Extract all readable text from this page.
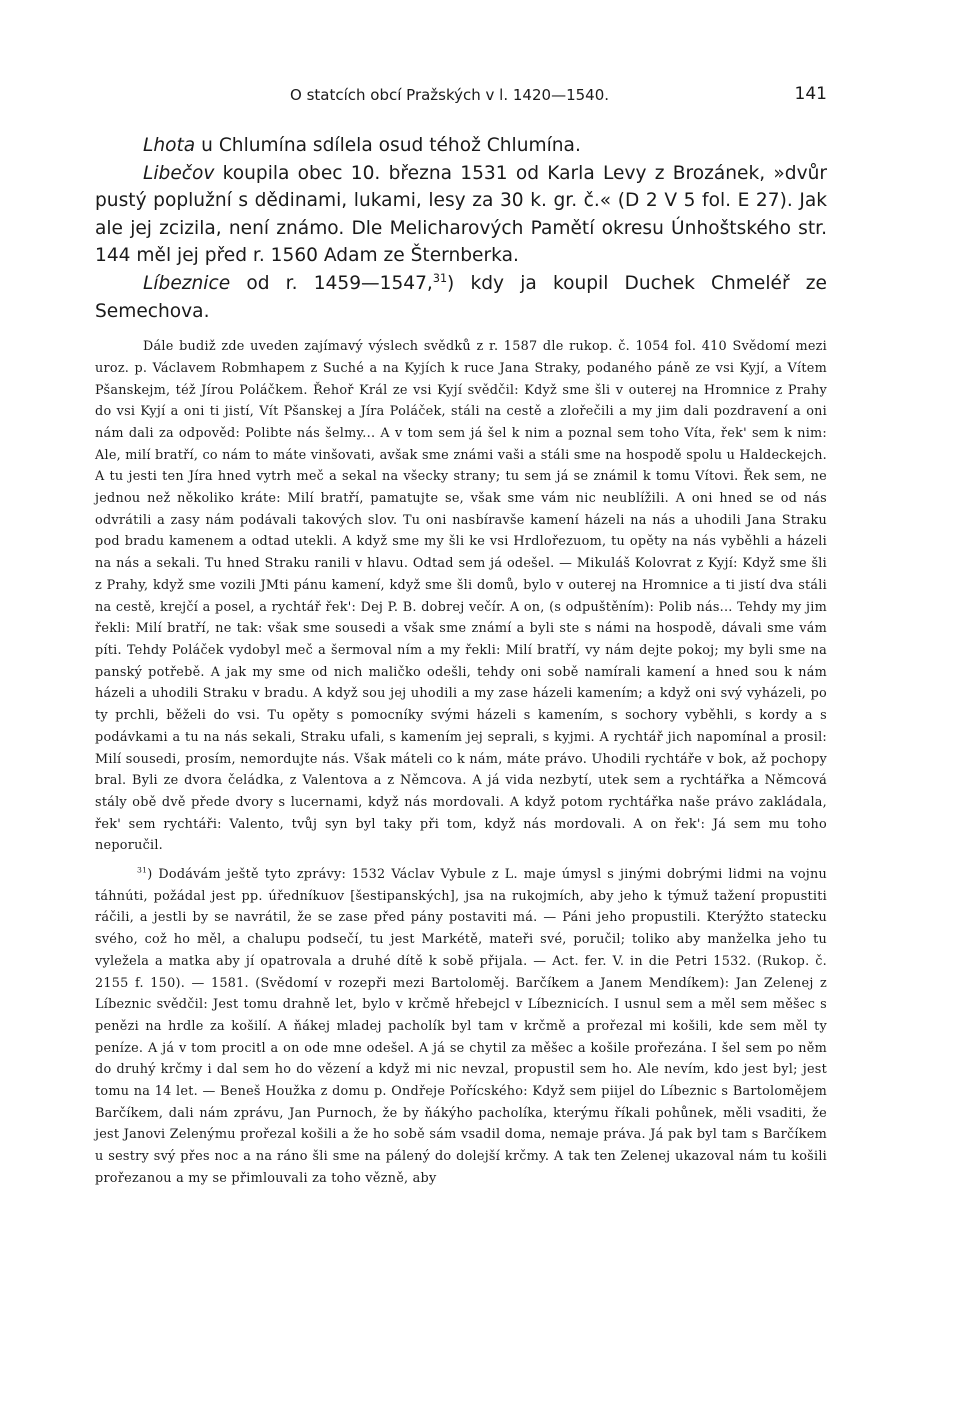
O statcích obcí Pražských v l. 1420—1540.	141

Lhota u Chlumína sdílela osud téhož Chlumína.

Libečov koupila obec 10. března 1531 od Karla Levy z Brozánek, »dvůr pustý poplužní s dědinami, lukami, lesy za 30 k. gr. č.« (D 2 V 5 fol. E 27). Jak ale jej zcizila, není známo. Dle Melicharových Pamětí okresu Únhoštského str. 144 měl jej před r. 1560 Adam ze Šternberka.

Líbeznice od r. 1459—1547,31) kdy ja koupil Duchek Chmeléř ze Semechova.

Dále budiž zde uveden zajímavý výslech svědků z r. 1587 dle rukop. č. 1054 fol. 410 Svědomí mezi uroz. p. Václavem Robmhapem z Suché a na Kyjích k ruce Jana Straky, podaného páně ze vsi Kyjí, a Vítem Pšanskejm, též Jírou Poláčkem. Řehoř Král ze vsi Kyjí svědčil: Když sme šli v outerej na Hromnice z Prahy do vsi Kyjí a oni ti jistí, Vít Pšanskej a Jíra Poláček, stáli na cestě a zlořečili a my jim dali pozdravení a oni nám dali za odpověd: Polibte nás šelmy... A v tom sem já šel k nim a poznal sem toho Víta, řek' sem k nim: Ale, milí bratří, co nám to máte vinšovati, avšak sme známi vaši a stáli sme na hospodě spolu u Haldeckejch. A tu jesti ten Jíra hned vytrh meč a sekal na všecky strany; tu sem já se známil k tomu Vítovi. Řek sem, ne jednou než několiko kráte: Milí bratří, pamatujte se, však sme vám nic neublížili. A oni hned se od nás odvrátili a zasy nám podávali takových slov. Tu oni nasbíravše kamení házeli na nás a uhodili Jana Straku pod bradu kamenem a odtad utekli. A když sme my šli ke vsi Hrdlořezuom, tu opěty na nás vyběhli a házeli na nás a sekali. Tu hned Straku ranili v hlavu. Odtad sem já odešel. — Mikuláš Kolovrat z Kyjí: Když sme šli z Prahy, když sme vozili JMti pánu kamení, když sme šli domů, bylo v outerej na Hromnice a ti jistí dva stáli na cestě, krejčí a posel, a rychtář řek': Dej P. B. dobrej večír. A on, (s odpuštěním): Polib nás... Tehdy my jim řekli: Milí bratří, ne tak: však sme sousedi a však sme známí a byli ste s námi na hospodě, dávali sme vám píti. Tehdy Poláček vydobyl meč a šermoval ním a my řekli: Milí bratří, vy nám dejte pokoj; my byli sme na panský potřebě. A jak my sme od nich maličko odešli, tehdy oni sobě namírali kamení a hned sou k nám házeli a uhodili Straku v bradu. A když sou jej uhodili a my zase házeli kamením; a když oni svý vyházeli, po ty prchli, běželi do vsi. Tu opěty s pomocníky svými házeli s kamením, s sochory vyběhli, s kordy a s podávkami a tu na nás sekali, Straku ufali, s kamením jej seprali, s kyjmi. A rychtář jich napomínal a prosil: Milí sousedi, prosím, nemordujte nás. Však máteli co k nám, máte právo. Uhodili rychtáře v bok, až pochopy bral. Byli ze dvora čeládka, z Valentova a z Němcova. A já vida nezbytí, utek sem a rychtářka a Němcová stály obě dvě přede dvory s lucernami, když nás mordovali. A když potom rychtářka naše právo zakládala, řek' sem rychtáři: Valento, tvůj syn byl taky při tom, když nás mordovali. A on řek': Já sem mu toho neporučil.

$^{31}$) Dodávám ještě tyto zprávy: 1532 Václav Vybule z L. maje úmysl s jinými dobrými lidmi na vojnu táhnúti, požádal jest pp. úředníkuov [šestipanských], jsa na rukojmích, aby jeho k týmuž tažení propustiti ráčili, a jestli by se navrátil, že se zase před pány postaviti má. — Páni jeho propustili. Kterýžto statecku svého, což ho měl, a chalupu podsečí, tu jest Markétě, mateři své, poručil; toliko aby manželka jeho tu vyležela a matka aby jí opatrovala a druhé dítě k sobě přijala. — Act. fer. V. in die Petri 1532. (Rukop. č. 2155 f. 150). — 1581. (Svědomí v rozepři mezi Bartoloměj. Barčíkem a Janem Mendíkem): Jan Zelenej z Líbeznic svědčil: Jest tomu drahně let, bylo v krčmě hřebejcl v Líbeznicích. I usnul sem a měl sem měšec s penězi na hrdle za košilí. A ňákej mladej pacholík byl tam v krčmě a prořezal mi košili, kde sem měl ty peníze. A já v tom procitl a on ode mne odešel. A já se chytil za měšec a košile prořezána. I šel sem po něm do druhý krčmy i dal sem ho do vězení a když mi nic nevzal, propustil sem ho. Ale nevím, kdo jest byl; jest tomu na 14 let. — Beneš Houžka z domu p. Ondřeje Pořícského: Když sem piijel do Líbeznic s Bartolomějem Barčíkem, dali nám zprávu, Jan Purnoch, že by ňákýho pacholíka, kterýmu říkali pohůnek, měli vsaditi, že jest Janovi Zelenýmu prořezal košili a že ho sobě sám vsadil doma, nemaje práva. Já pak byl tam s Barčíkem u sestry svý přes noc a na ráno šli sme na pálený do dolejší krčmy. A tak ten Zelenej ukazoval nám tu košili prořezanou a my se přimlouvali za toho vězně, aby
